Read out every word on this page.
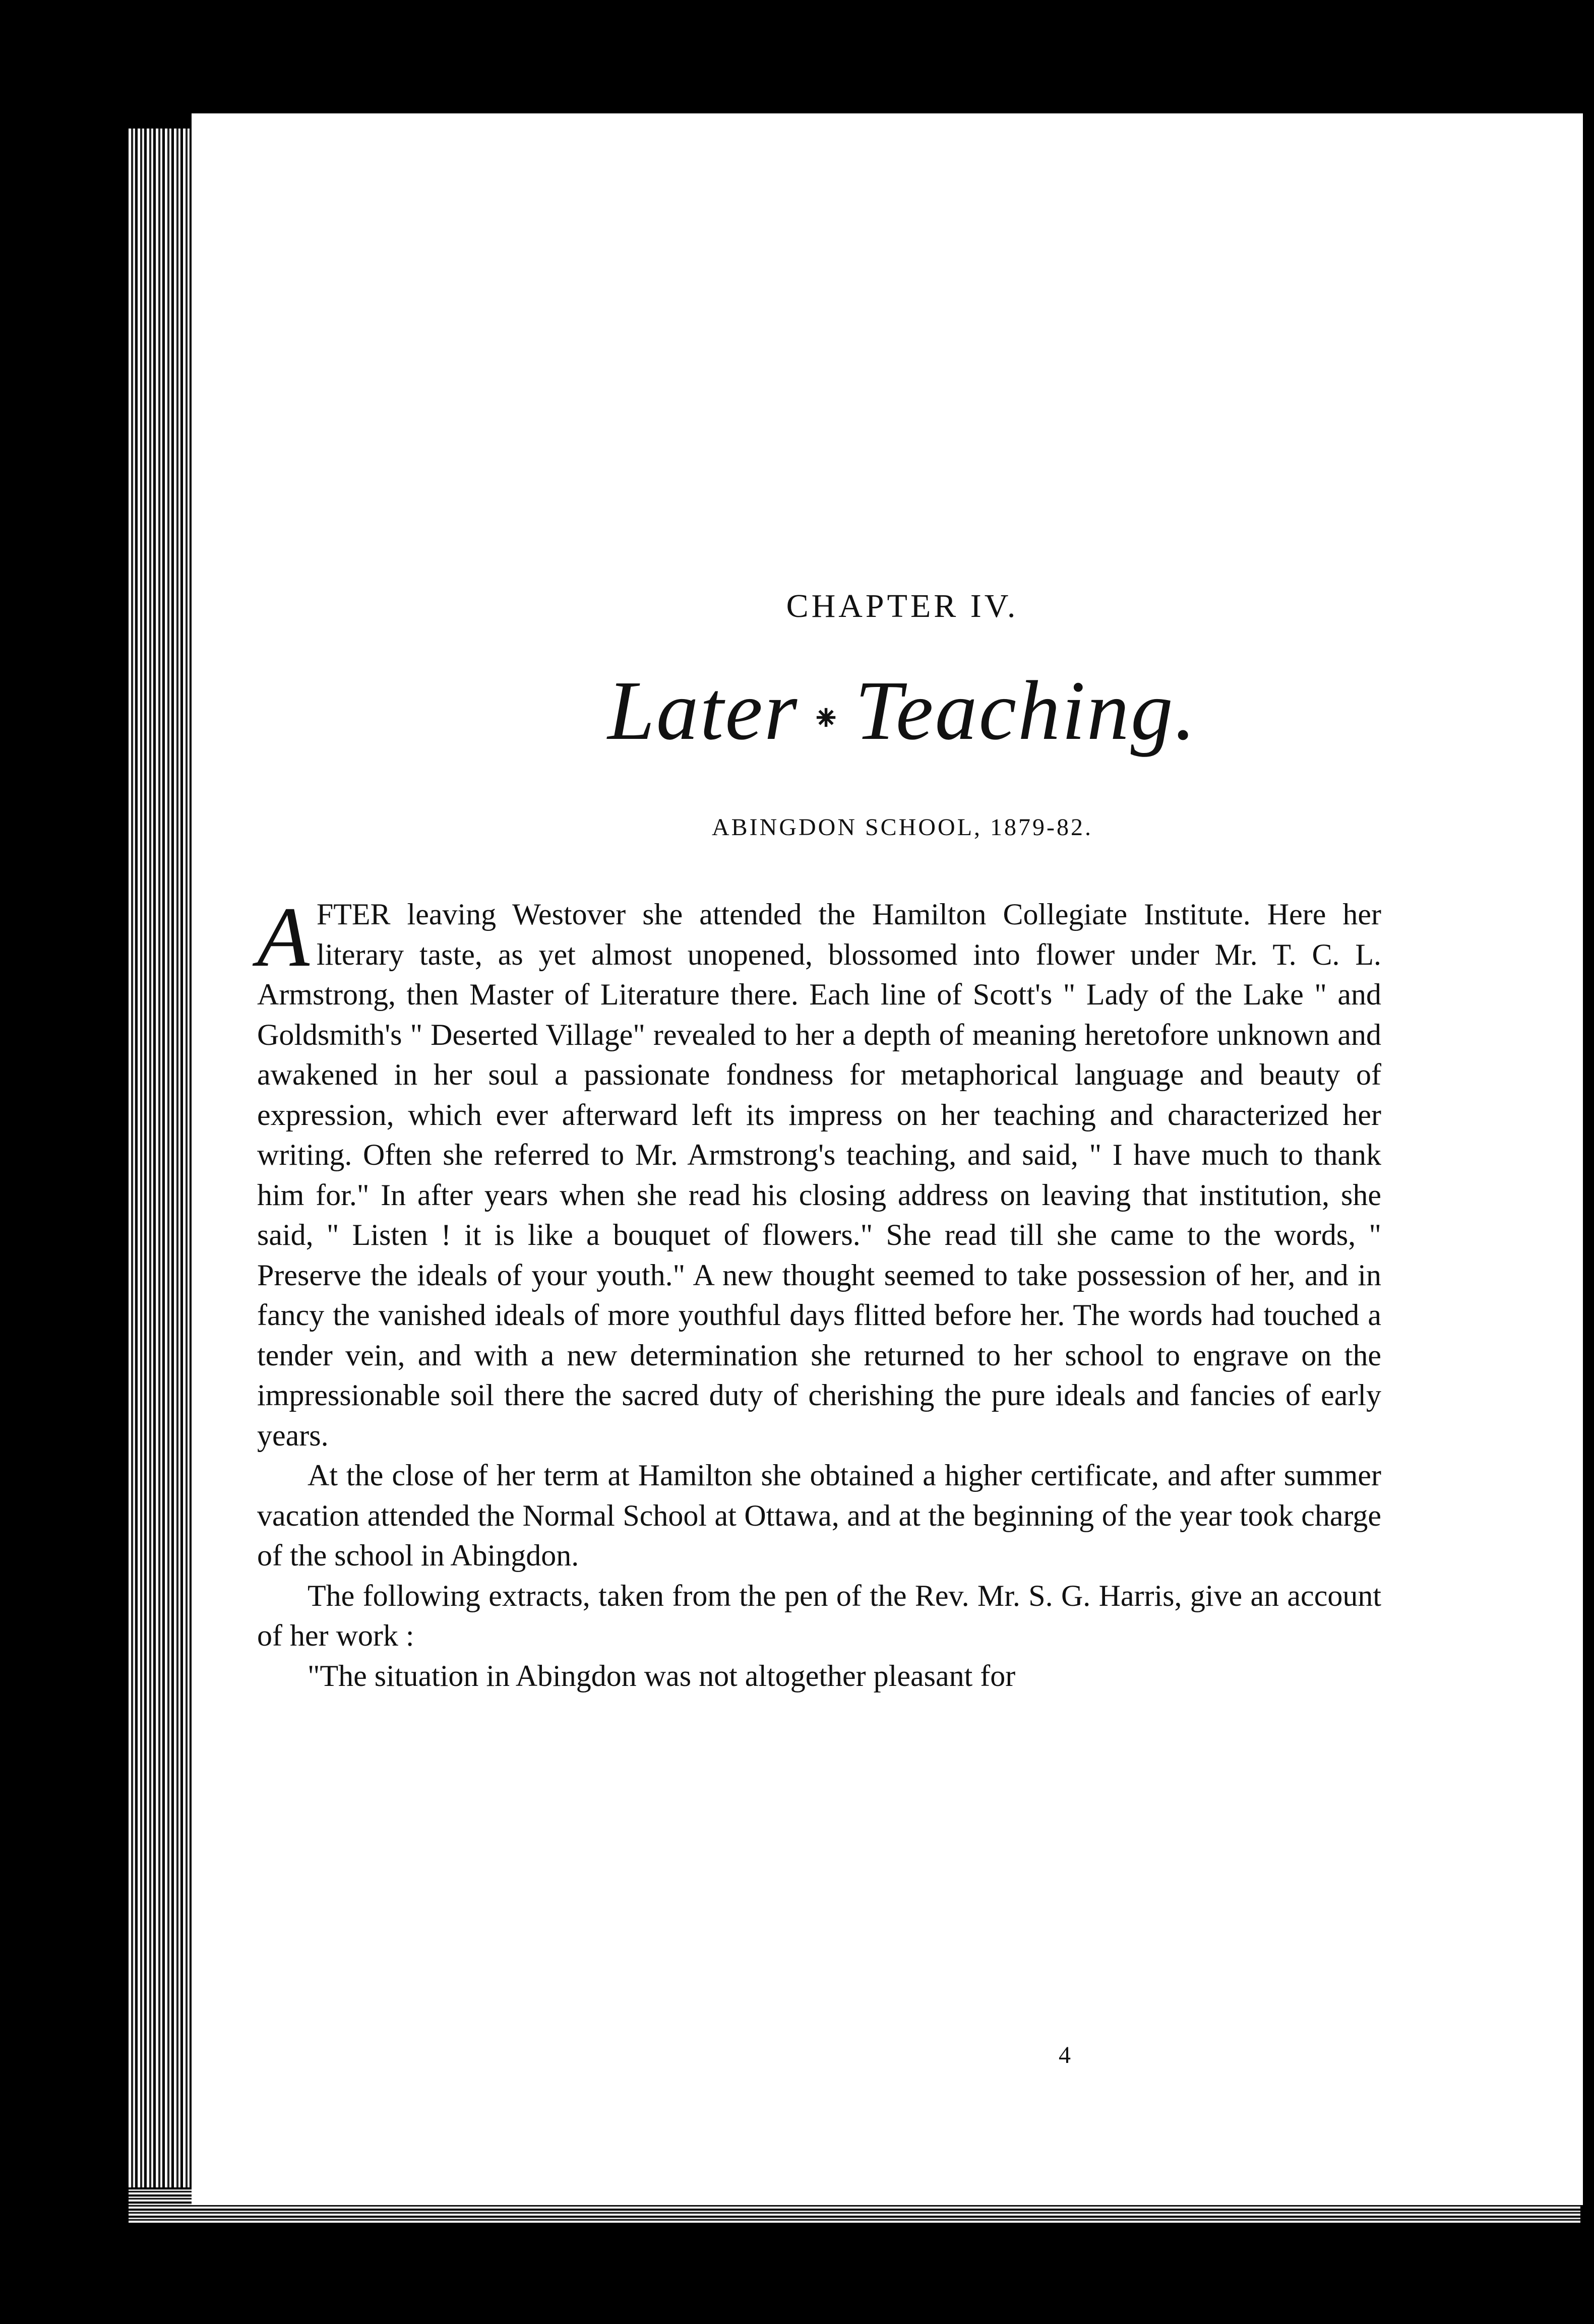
CHAPTER IV.

Later ⁕ Teaching.

ABINGDON SCHOOL, 1879-82.

4

AFTER leaving Westover she attended the Hamilton Collegiate Institute. Here her literary taste, as yet almost unopened, blossomed into flower under Mr. T. C. L. Armstrong, then Master of Literature there. Each line of Scott's " Lady of the Lake " and Goldsmith's " Deserted Village" revealed to her a depth of meaning heretofore unknown and awakened in her soul a passionate fondness for metaphorical language and beauty of expression, which ever afterward left its impress on her teaching and characterized her writing. Often she referred to Mr. Armstrong's teaching, and said, " I have much to thank him for." In after years when she read his closing address on leaving that institution, she said, " Listen ! it is like a bouquet of flowers." She read till she came to the words, " Preserve the ideals of your youth." A new thought seemed to take possession of her, and in fancy the vanished ideals of more youthful days flitted before her. The words had touched a tender vein, and with a new determination she returned to her school to engrave on the impressionable soil there the sacred duty of cherishing the pure ideals and fancies of early years.

At the close of her term at Hamilton she obtained a higher certificate, and after summer vacation attended the Normal School at Ottawa, and at the beginning of the year took charge of the school in Abingdon.

The following extracts, taken from the pen of the Rev. Mr. S. G. Harris, give an account of her work :

"The situation in Abingdon was not altogether pleasant for
